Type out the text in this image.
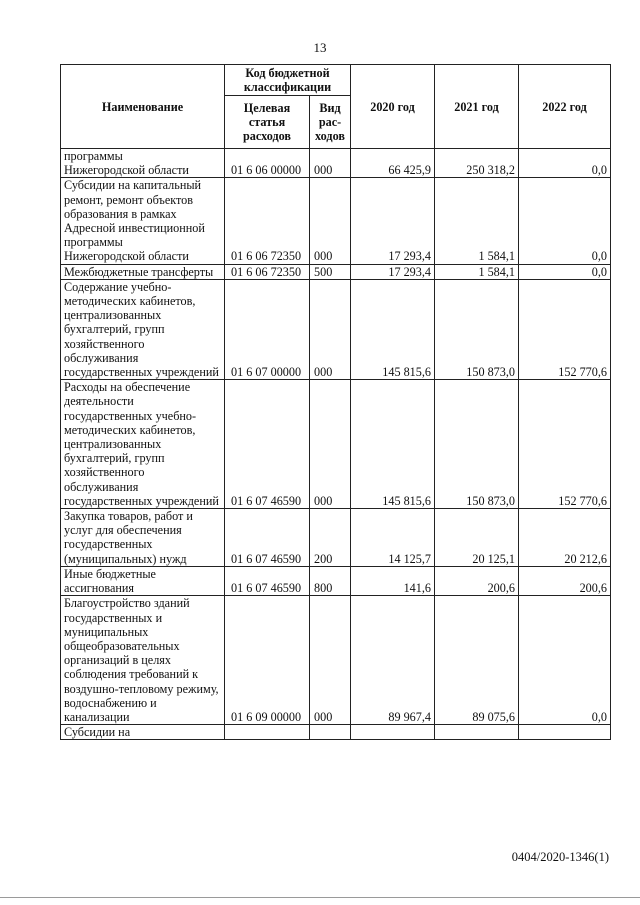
13
Наименование	Код бюджетной классификации		2020 год	2021 год	2022 год
	Целевая статья расходов	Вид рас-ходов			

программы
Нижегородской области	01 6 06 00000	000	66 425,9	250 318,2	0,0

Субсидии на капитальный ремонт, ремонт объектов образования в рамках Адресной инвестиционной программы
Нижегородской области	01 6 06 72350	000	17 293,4	1 584,1	0,0

Межбюджетные трансферты	01 6 06 72350	500	17 293,4	1 584,1	0,0

Содержание учебно-методических кабинетов, централизованных бухгалтерий, групп хозяйственного обслуживания государственных учреждений	01 6 07 00000	000	145 815,6	150 873,0	152 770,6

Расходы на обеспечение деятельности государственных учебно-методических кабинетов, централизованных бухгалтерий, групп хозяйственного обслуживания государственных учреждений	01 6 07 46590	000	145 815,6	150 873,0	152 770,6

Закупка товаров, работ и услуг для обеспечения государственных (муниципальных) нужд	01 6 07 46590	200	14 125,7	20 125,1	20 212,6

Иные бюджетные ассигнования	01 6 07 46590	800	141,6	200,6	200,6

Благоустройство зданий государственных и муниципальных общеобразовательных организаций в целях соблюдения требований к воздушно-тепловому режиму, водоснабжению и канализации	01 6 09 00000	000	89 967,4	89 075,6	0,0

Субсидии на					

0404/2020-1346(1)
